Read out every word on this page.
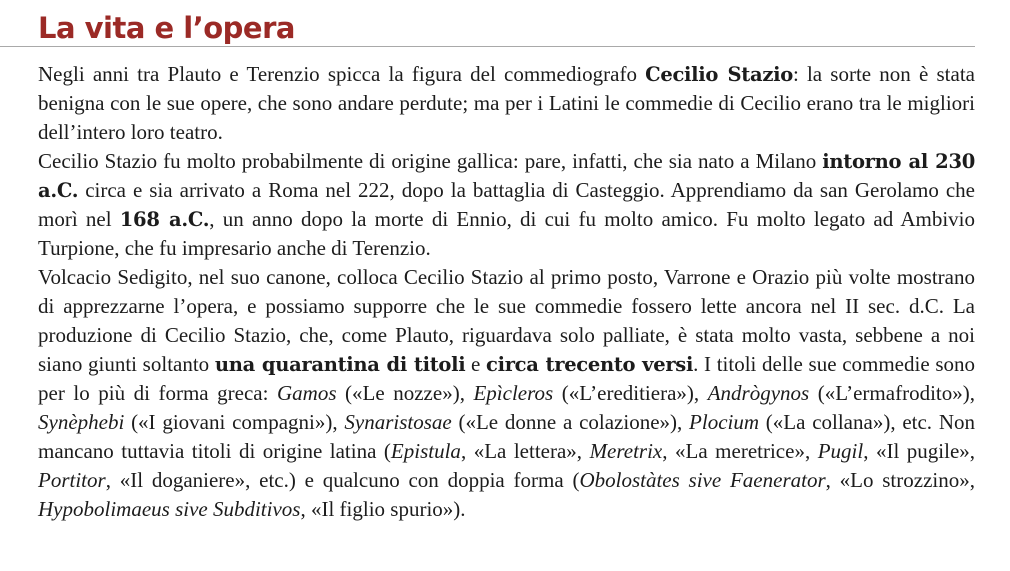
La vita e l’opera

Negli anni tra Plauto e Terenzio spicca la figura del commediografo Cecilio Stazio: la sorte non è stata benigna con le sue opere, che sono andare perdute; ma per i Latini le commedie di Cecilio erano tra le migliori dell’intero loro teatro.

Cecilio Stazio fu molto probabilmente di origine gallica: pare, infatti, che sia nato a Milano intorno al 230 a.C. circa e sia arrivato a Roma nel 222, dopo la battaglia di Casteggio. Apprendiamo da san Gerolamo che morì nel 168 a.C., un anno dopo la morte di Ennio, di cui fu molto amico. Fu molto legato ad Ambivio Turpione, che fu impresario anche di Terenzio.

Volcacio Sedigito, nel suo canone, colloca Cecilio Stazio al primo posto, Varrone e Orazio più volte mostrano di apprezzarne l’opera, e possiamo supporre che le sue commedie fossero lette ancora nel II sec. d.C. La produzione di Cecilio Stazio, che, come Plauto, riguardava solo palliate, è stata molto vasta, sebbene a noi siano giunti soltanto una quarantina di titoli e circa trecento versi. I titoli delle sue commedie sono per lo più di forma greca: Gamos («Le nozze»), Epìcleros («L’ereditiera»), Andrògynos («L’ermafrodito»), Synèphebi («I giovani compagni»), Synaristosae («Le donne a colazione»), Plocium («La collana»), etc. Non mancano tuttavia titoli di origine latina (Epistula, «La lettera», Meretrix, «La meretrice», Pugil, «Il pugile», Portitor, «Il doganiere», etc.) e qualcuno con doppia forma (Obolostàtes sive Faenerator, «Lo strozzino», Hypobolimaeus sive Subditivos, «Il figlio spurio»).
